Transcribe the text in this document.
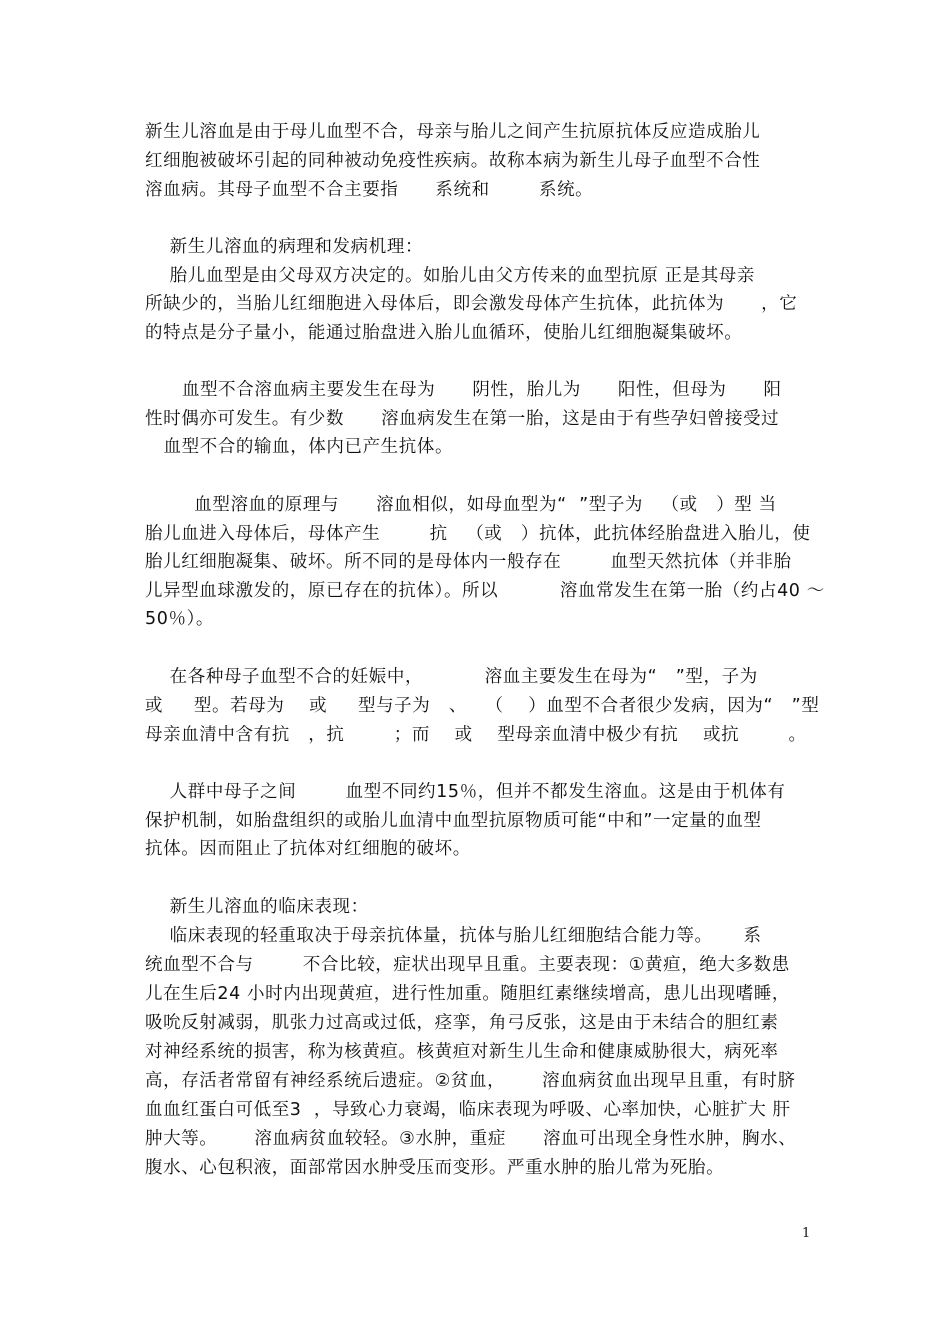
新生儿溶血是由于母儿血型不合，母亲与胎儿之间产生抗原抗体反应造成胎儿
红细胞被破坏引起的同种被动免疫性疾病。故称本病为新生儿母子血型不合性
溶血病。其母子血型不合主要指      系统和        系统。
新生儿溶血的病理和发病机理：
胎儿血型是由父母双方决定的。如胎儿由父方传来的血型抗原 正是其母亲
所缺少的，当胎儿红细胞进入母体后，即会激发母体产生抗体，此抗体为      ，它
的特点是分子量小，能通过胎盘进入胎儿血循环，使胎儿红细胞凝集破坏。
血型不合溶血病主要发生在母为      阴性，胎儿为      阳性，但母为      阳
性时偶亦可发生。有少数      溶血病发生在第一胎，这是由于有些孕妇曾接受过
血型不合的输血，体内已产生抗体。
血型溶血的原理与      溶血相似，如母血型为“  ”型子为   （或   ）型 当
胎儿血进入母体后，母体产生        抗   （或   ）抗体，此抗体经胎盘进入胎儿，使
胎儿红细胞凝集、破坏。所不同的是母体内一般存在        血型天然抗体（并非胎
儿异型血球激发的，原已存在的抗体）。所以          溶血常发生在第一胎（约占40 ～
50％）。
在各种母子血型不合的妊娠中，          溶血主要发生在母为“   ”型，子为
或     型。若母为    或     型与子为   、   （    ）血型不合者很少发病，因为“   ”型
母亲血清中含有抗   ，抗        ；而    或    型母亲血清中极少有抗    或抗        。
人群中母子之间        血型不同约15％，但并不都发生溶血。这是由于机体有
保护机制，如胎盘组织的或胎儿血清中血型抗原物质可能“中和”一定量的血型
抗体。因而阻止了抗体对红细胞的破坏。
新生儿溶血的临床表现：
临床表现的轻重取决于母亲抗体量，抗体与胎儿红细胞结合能力等。     系
统血型不合与        不合比较，症状出现早且重。主要表现：①黄疸，绝大多数患
儿在生后24 小时内出现黄疸，进行性加重。随胆红素继续增高，患儿出现嗜睡，
吸吮反射减弱，肌张力过高或过低，痉挛，角弓反张，这是由于未结合的胆红素
对神经系统的损害，称为核黄疸。核黄疸对新生儿生命和健康威胁很大，病死率
高，存活者常留有神经系统后遗症。②贫血，      溶血病贫血出现早且重，有时脐
血血红蛋白可低至3  ，导致心力衰竭，临床表现为呼吸、心率加快，心脏扩大 肝
肿大等。      溶血病贫血较轻。③水肿，重症      溶血可出现全身性水肿，胸水、
腹水、心包积液，面部常因水肿受压而变形。严重水肿的胎儿常为死胎。
1
